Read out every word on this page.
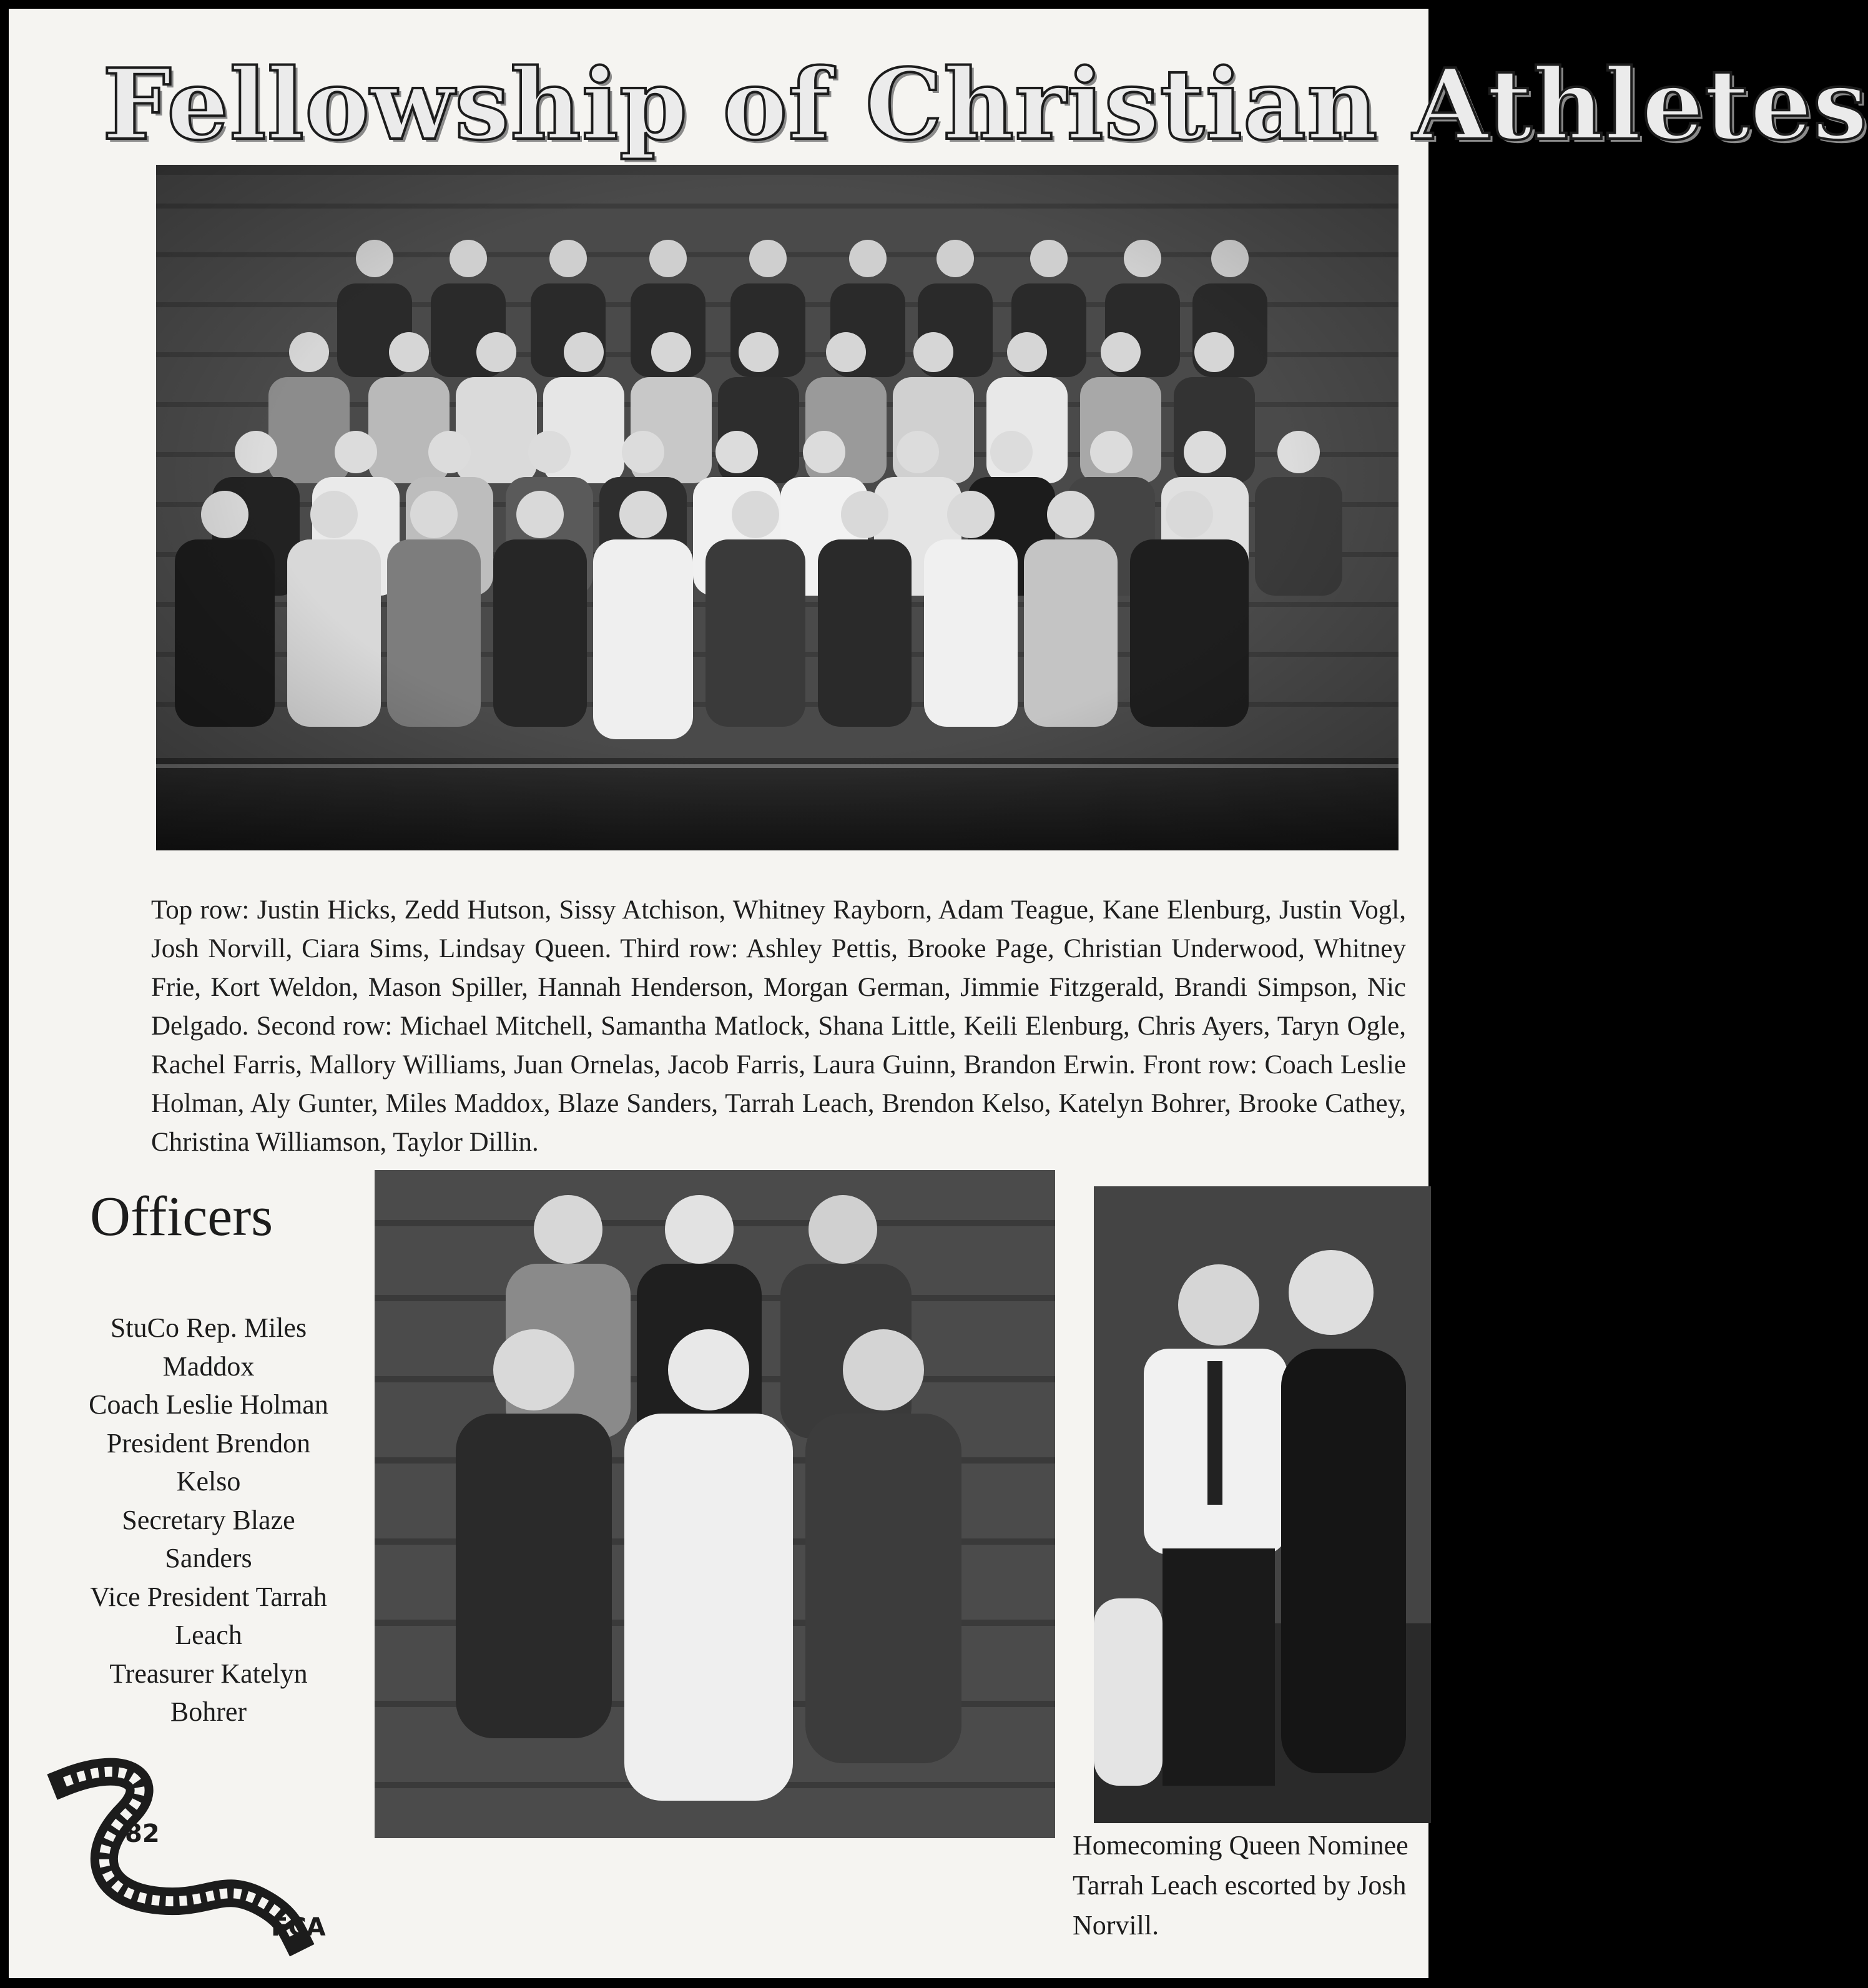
Fellowship of Christian Athletes

Top row: Justin Hicks, Zedd Hutson, Sissy Atchison, Whitney Rayborn, Adam Teague, Kane Elenburg, Justin Vogl, Josh Norvill, Ciara Sims, Lindsay Queen. Third row: Ashley Pettis, Brooke Page, Christian Underwood, Whitney Frie, Kort Weldon, Mason Spiller, Hannah Henderson, Morgan German, Jimmie Fitzgerald, Brandi Simpson, Nic Delgado. Second row: Michael Mitchell, Samantha Matlock, Shana Little, Keili Elenburg, Chris Ayers, Taryn Ogle, Rachel Farris, Mallory Williams, Juan Ornelas, Jacob Farris, Laura Guinn, Brandon Erwin. Front row: Coach Leslie Holman, Aly Gunter, Miles Maddox, Blaze Sanders, Tarrah Leach, Brendon Kelso, Katelyn Bohrer, Brooke Cathey, Christina Williamson, Taylor Dillin.

Officers
StuCo Rep. Miles
Maddox
Coach Leslie Holman
President Brendon
Kelso
Secretary Blaze
Sanders
Vice President Tarrah
Leach
Treasurer Katelyn
Bohrer
Homecoming Queen Nominee
Tarrah Leach escorted by Josh
Norvill.
82
FCA
